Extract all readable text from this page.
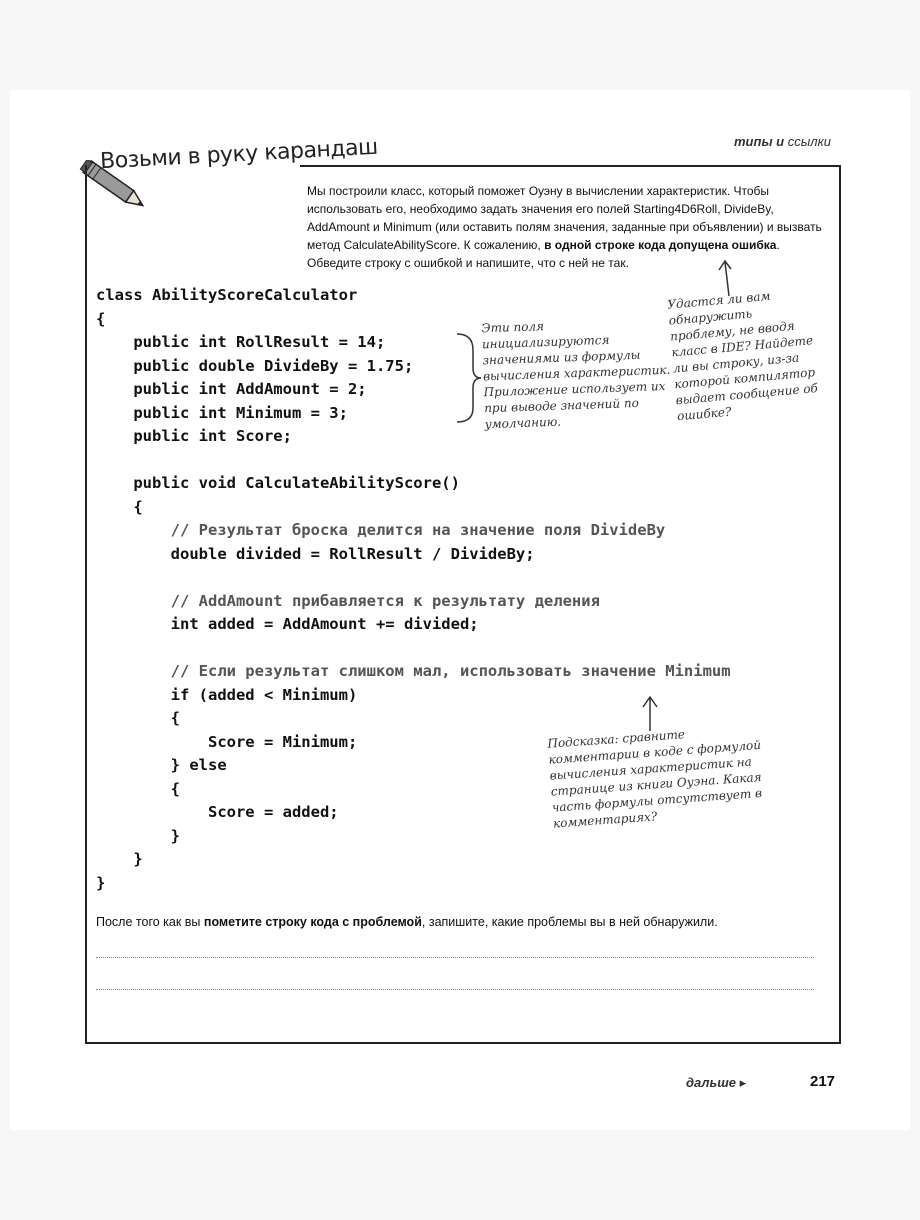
типы и ссылки
Возьми в руку карандаш
Мы построили класс, который поможет Оуэну в вычислении характеристик. Чтобы использовать его, необходимо задать значения его полей Starting4D6Roll, DivideBy, AddAmount и Minimum (или оставить полям значения, заданные при объявлении) и вызвать метод CalculateAbilityScore. К сожалению, в одной строке кода допущена ошибка. Обведите строку с ошибкой и напишите, что с ней не так.
class AbilityScoreCalculator
{
public int RollResult = 14;
public double DivideBy = 1.75;
public int AddAmount = 2;
public int Minimum = 3;
public int Score;
public void CalculateAbilityScore()
{
// Результат броска делится на значение поля DivideBy
double divided = RollResult / DivideBy;
// AddAmount прибавляется к результату деления
int added = AddAmount += divided;
// Если результат слишком мал, использовать значение Minimum
if (added < Minimum)
{
Score = Minimum;
} else
{
Score = added;
}
}
}
Эти поля инициализируются значениями из формулы вычисления характеристик. Приложение использует их при выводе значений по умолчанию.
Удастся ли вам обнаружить проблему, не вводя класс в IDE? Найдете ли вы строку, из-за которой компилятор выдает сообщение об ошибке?
Подсказка: сравните комментарии в коде с формулой вычисления характеристик на странице из книги Оуэна. Какая часть формулы отсутствует в комментариях?
После того как вы пометите строку кода с проблемой, запишите, какие проблемы вы в ней обнаружили.
дальше ▸	217
